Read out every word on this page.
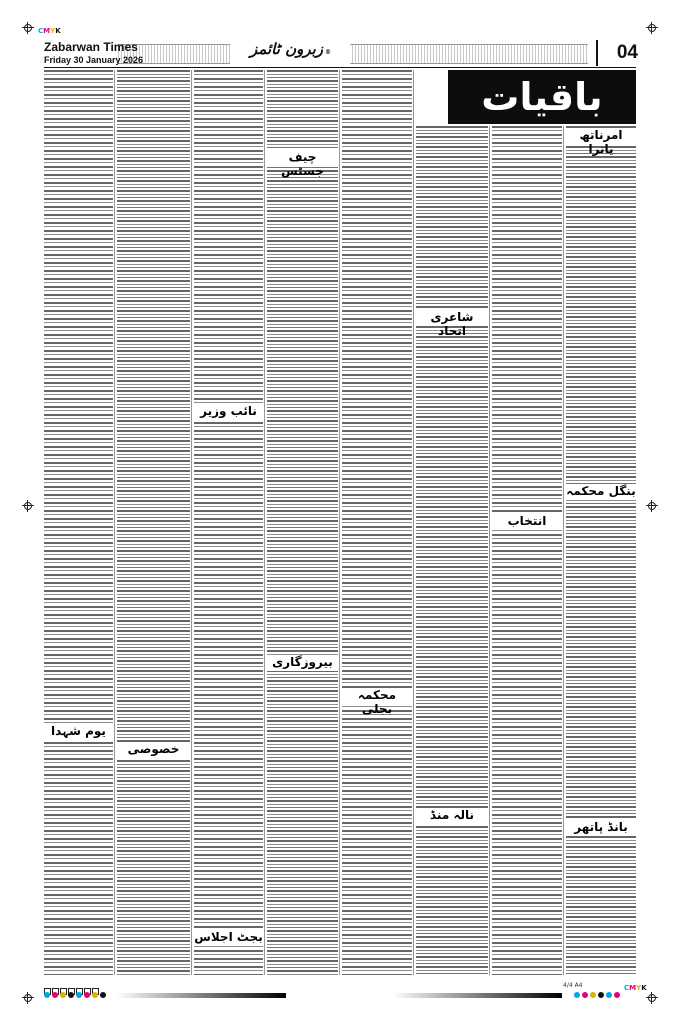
CMYK
CMYK
Zabarwan Times
Friday 30 January 2026
زبرون ٹائمز ®	04
باقیات
امرناتھ یاترا
بنگل محکمہ
بانڈ پاتھر
شاعری اتحاد
انتخاب
نالہ منڈ
محکمہ بجلی
بیروزگاری
نائب وزیر
چیف جسٹس
خصوصی
بجٹ اجلاس
یوم شہدا
4/4 A4
